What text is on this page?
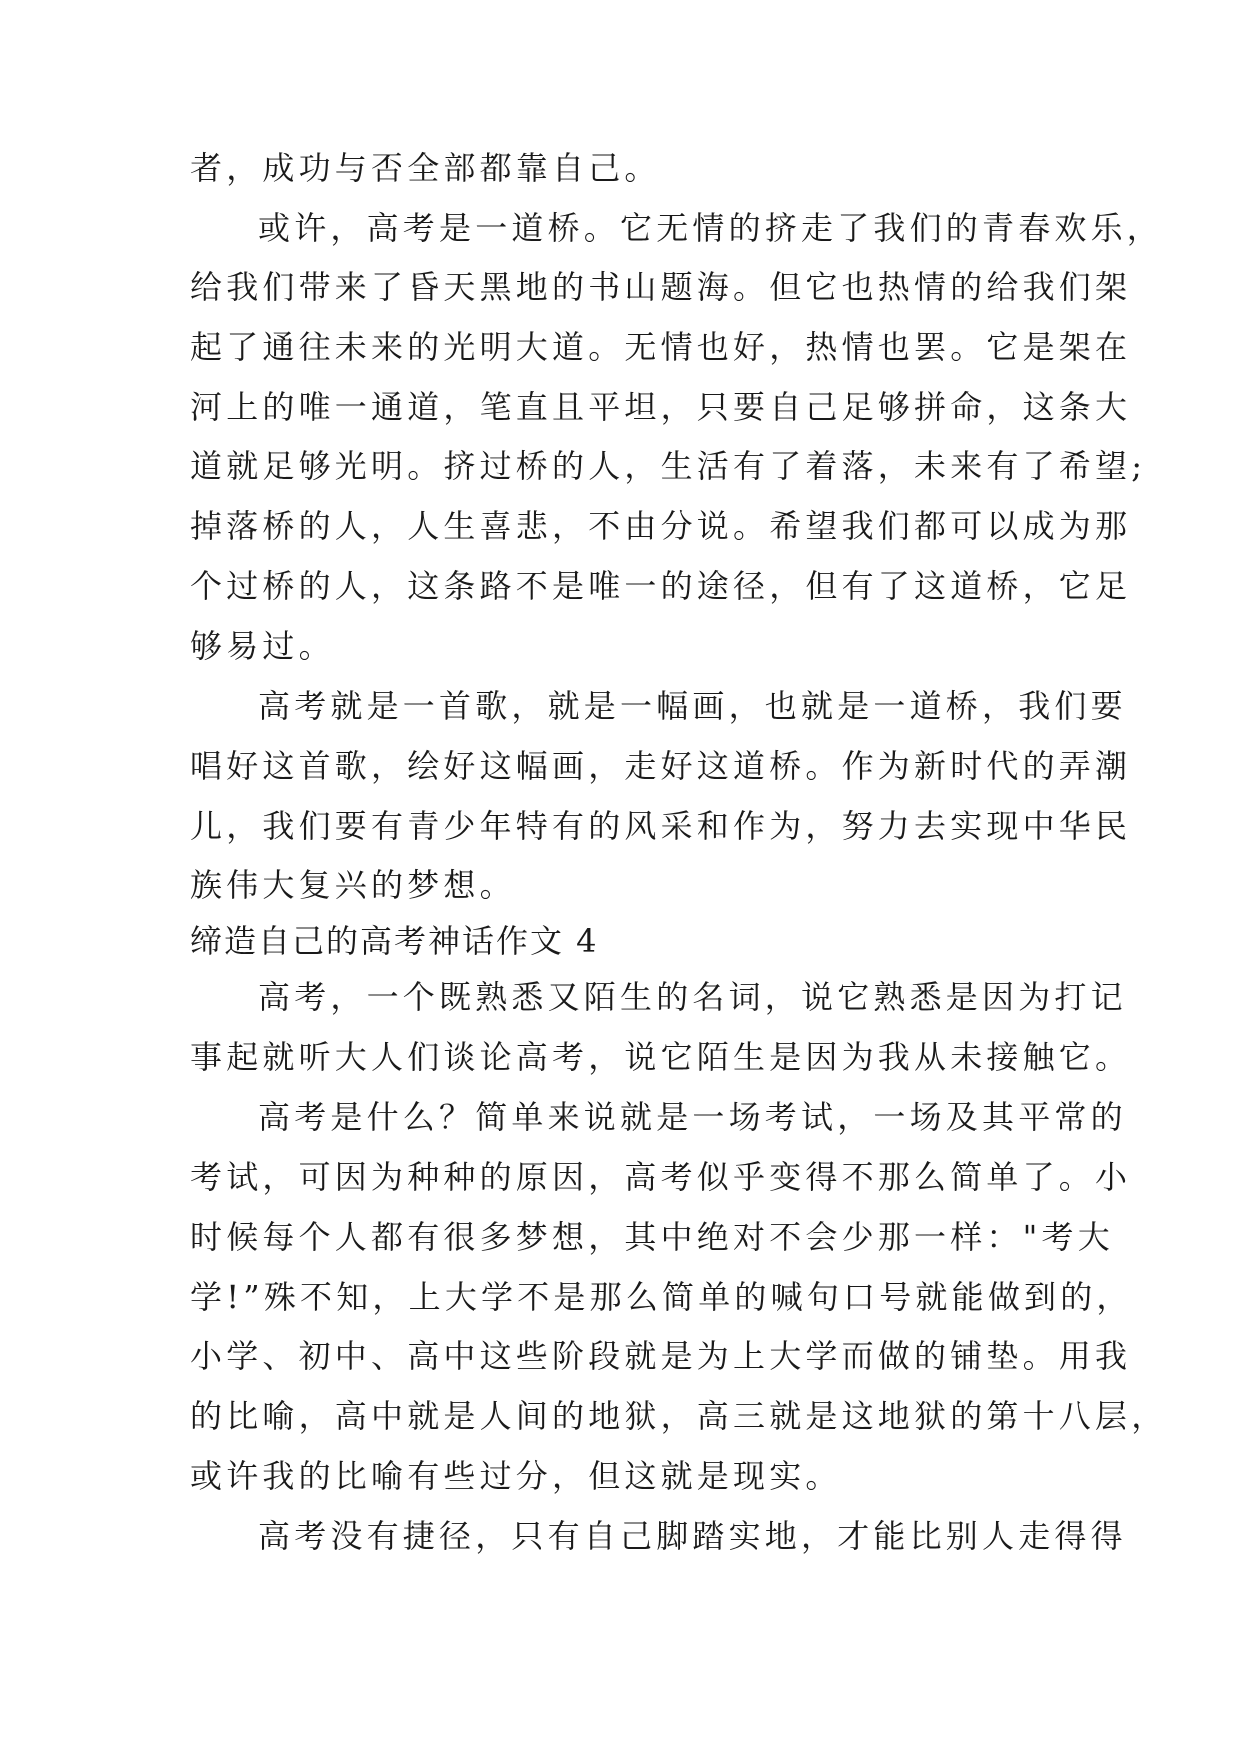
者，成功与否全部都靠自己。
或许，高考是一道桥。它无情的挤走了我们的青春欢乐，
给我们带来了昏天黑地的书山题海。但它也热情的给我们架
起了通往未来的光明大道。无情也好，热情也罢。它是架在
河上的唯一通道，笔直且平坦，只要自己足够拼命，这条大
道就足够光明。挤过桥的人，生活有了着落，未来有了希望;
掉落桥的人，人生喜悲，不由分说。希望我们都可以成为那
个过桥的人，这条路不是唯一的途径，但有了这道桥，它足
够易过。
高考就是一首歌，就是一幅画，也就是一道桥，我们要
唱好这首歌，绘好这幅画，走好这道桥。作为新时代的弄潮
儿，我们要有青少年特有的风采和作为，努力去实现中华民
族伟大复兴的梦想。
缔造自己的高考神话作文 4
高考，一个既熟悉又陌生的名词，说它熟悉是因为打记
事起就听大人们谈论高考，说它陌生是因为我从未接触它。
高考是什么？简单来说就是一场考试，一场及其平常的
考试，可因为种种的原因，高考似乎变得不那么简单了。小
时候每个人都有很多梦想，其中绝对不会少那一样："考大
学!”殊不知，上大学不是那么简单的喊句口号就能做到的，
小学、初中、高中这些阶段就是为上大学而做的铺垫。用我
的比喻，高中就是人间的地狱，高三就是这地狱的第十八层，
或许我的比喻有些过分，但这就是现实。
高考没有捷径，只有自己脚踏实地，才能比别人走得得
